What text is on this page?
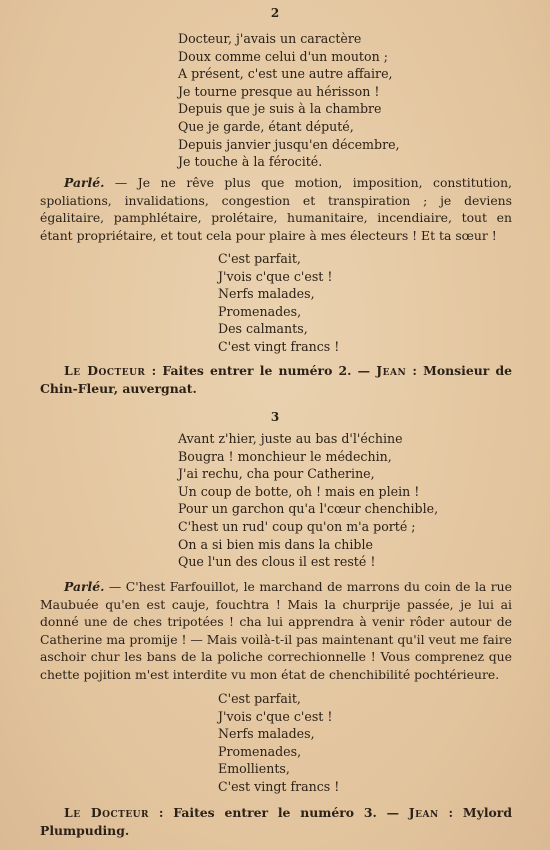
2
Docteur, j'avais un caractère
Doux comme celui d'un mouton ;
A présent, c'est une autre affaire,
Je tourne presque au hérisson !
Depuis que je suis à la chambre
Que je garde, étant député,
Depuis janvier jusqu'en décembre,
Je touche à la férocité.
Parlé. — Je ne rêve plus que motion, imposition, constitution, spoliations, invalidations, congestion et transpiration ; je deviens égalitaire, pamphlétaire, prolétaire, humanitaire, incendiaire, tout en étant propriétaire, et tout cela pour plaire à mes électeurs ! Et ta sœur !
C'est parfait,
J'vois c'que c'est !
Nerfs malades,
Promenades,
Des calmants,
C'est vingt francs !
Le Docteur : Faites entrer le numéro 2. — Jean : Monsieur de Chin-Fleur, auvergnat.
3
Avant z'hier, juste au bas d'l'échine
Bougra ! monchieur le médechin,
J'ai rechu, cha pour Catherine,
Un coup de botte, oh ! mais en plein !
Pour un garchon qu'a l'cœur chenchible,
C'hest un rud' coup qu'on m'a porté ;
On a si bien mis dans la chible
Que l'un des clous il est resté !
Parlé. — C'hest Farfouillot, le marchand de marrons du coin de la rue Maubuée qu'en est cauje, fouchtra ! Mais la churprije passée, je lui ai donné une de ches tripotées ! cha lui apprendra à venir rôder autour de Catherine ma promije ! — Mais voilà-t-il pas maintenant qu'il veut me faire aschoir chur les bans de la poliche correchionnelle ! Vous comprenez que chette pojition m'est interdite vu mon état de chenchibilité pochtérieure.
C'est parfait,
J'vois c'que c'est !
Nerfs malades,
Promenades,
Emollients,
C'est vingt francs !
Le Docteur : Faites entrer le numéro 3. — Jean : Mylord Plumpuding.
